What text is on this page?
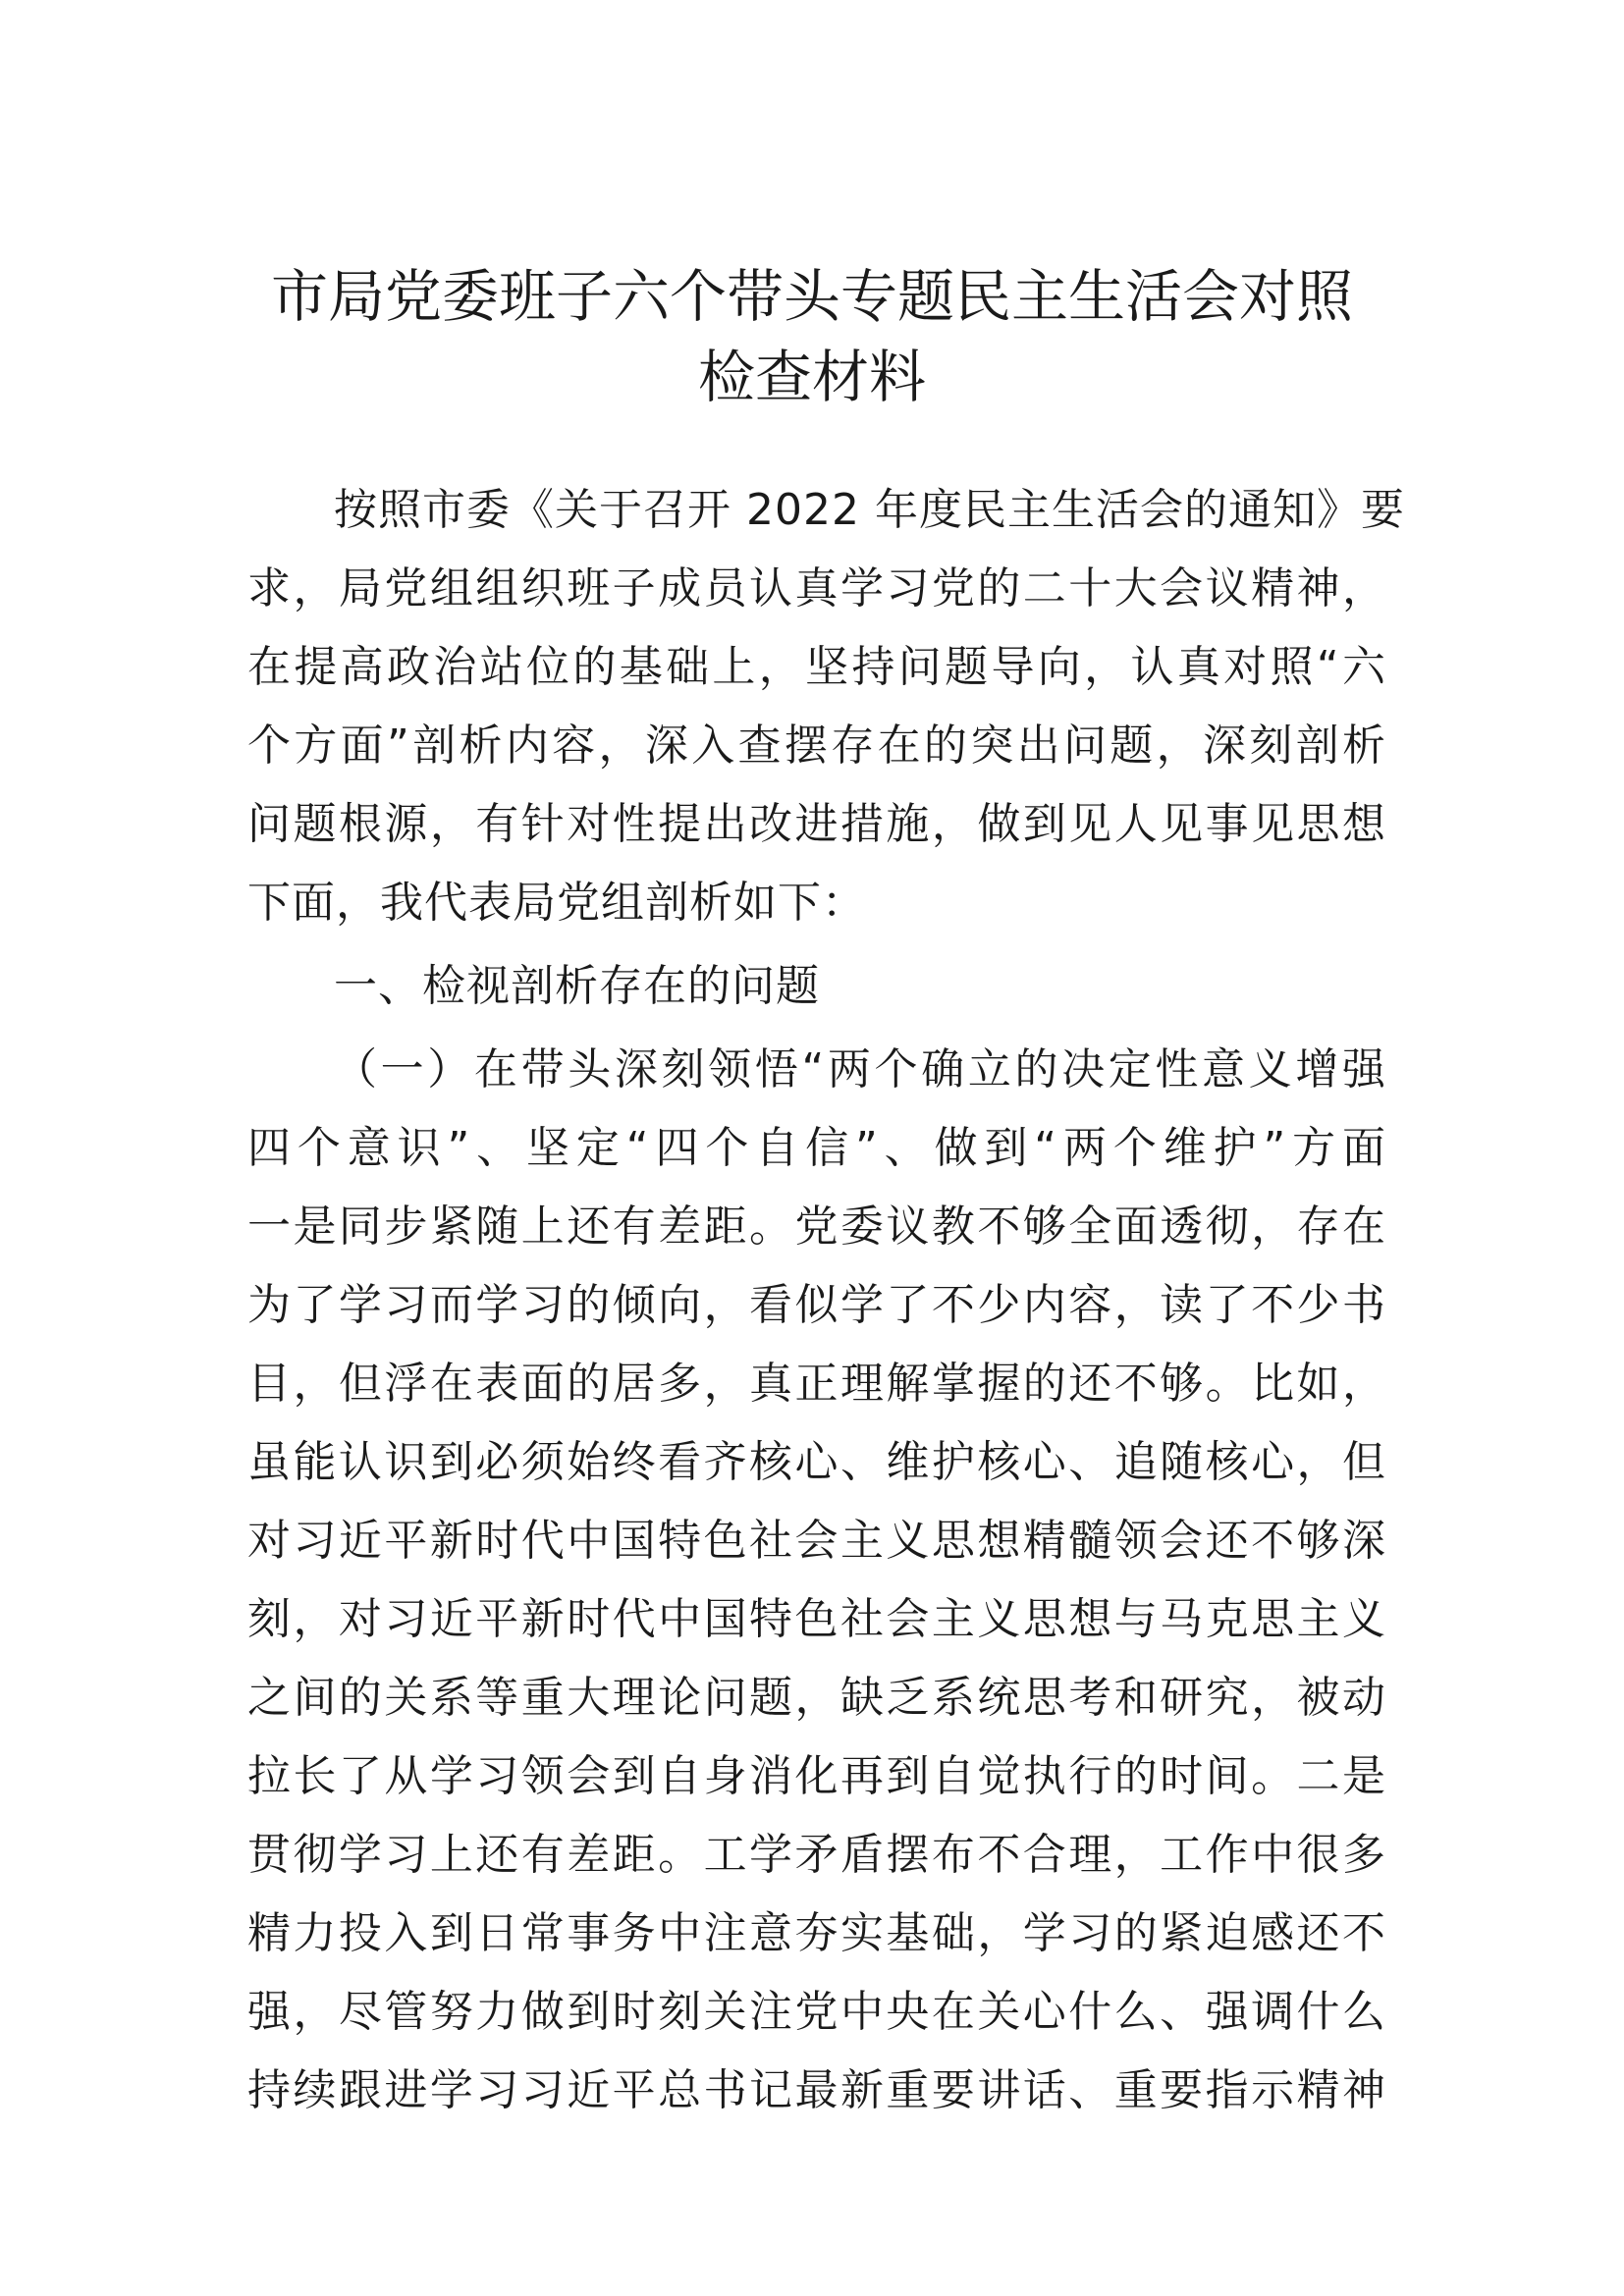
市局党委班子六个带头专题民主生活会对照
检查材料
按照市委《关于召开 2022 年度民主生活会的通知》要
求，局党组组织班子成员认真学习党的二十大会议精神，
在提高政治站位的基础上，坚持问题导向，认真对照“六
个方面”剖析内容，深入查摆存在的突出问题，深刻剖析
问题根源，有针对性提出改进措施，做到见人见事见思想
下面，我代表局党组剖析如下：
一、检视剖析存在的问题
（一）在带头深刻领悟“两个确立的决定性意义增强
四个意识”、坚定“四个自信”、做到“两个维护”方面
一是同步紧随上还有差距。党委议教不够全面透彻，存在
为了学习而学习的倾向，看似学了不少内容，读了不少书
目，但浮在表面的居多，真正理解掌握的还不够。比如，
虽能认识到必须始终看齐核心、维护核心、追随核心，但
对习近平新时代中国特色社会主义思想精髓领会还不够深
刻，对习近平新时代中国特色社会主义思想与马克思主义
之间的关系等重大理论问题，缺乏系统思考和研究，被动
拉长了从学习领会到自身消化再到自觉执行的时间。二是
贯彻学习上还有差距。工学矛盾摆布不合理，工作中很多
精力投入到日常事务中注意夯实基础，学习的紧迫感还不
强，尽管努力做到时刻关注党中央在关心什么、强调什么
持续跟进学习习近平总书记最新重要讲话、重要指示精神
